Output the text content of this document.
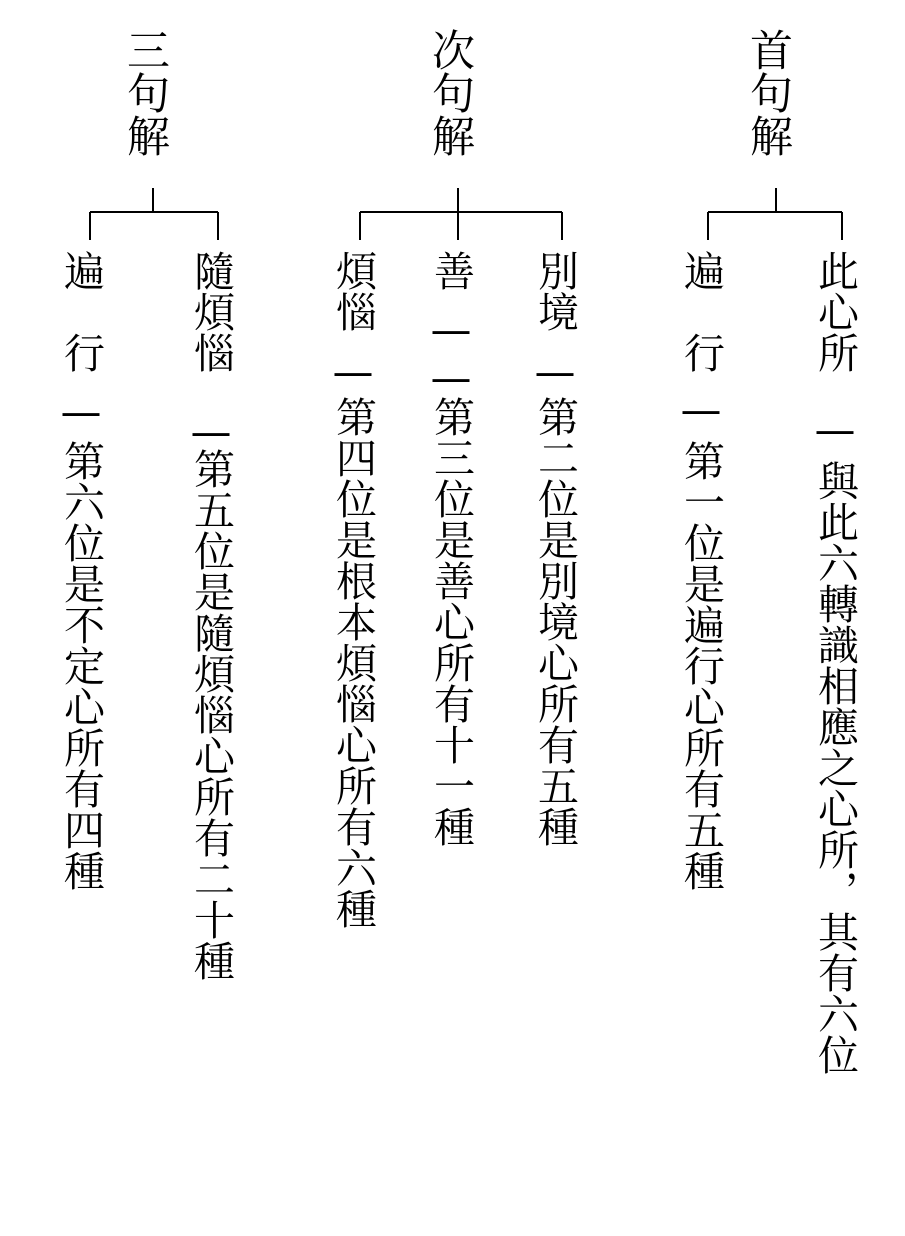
首句解
此心所
—
與此六轉識相應之心所，其有六位
遍　行
—
第一位是遍行心所有五種
次句解
別境
—
第二位是別境心所有五種
善
——
第三位是善心所有十一種
煩惱
—
第四位是根本煩惱心所有六種
三句解
隨煩惱
—
第五位是隨煩惱心所有二十種
遍　行
—
第六位是不定心所有四種
